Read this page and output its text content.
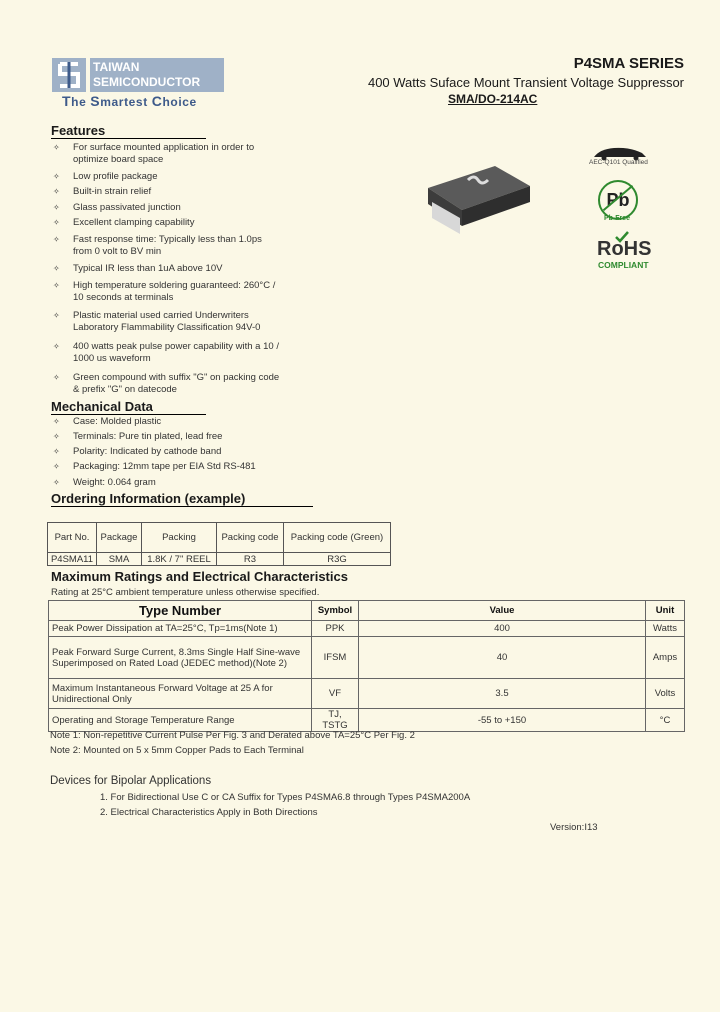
TAIWAN
SEMICONDUCTOR
The Smartest Choice
P4SMA SERIES
400 Watts Suface Mount Transient Voltage Suppressor
SMA/DO-214AC
AEC-Q101 Qualified
Pb
Pb-Free
RoHS
COMPLIANT
Features
✧ For surface mounted application in order to optimize board space
✧ Low profile package
✧ Built-in strain relief
✧ Glass passivated junction
✧ Excellent clamping capability
✧ Fast response time: Typically less than 1.0ps from 0 volt to BV min
✧ Typical IR less than 1uA above 10V
✧ High temperature soldering guaranteed: 260°C / 10 seconds at terminals
✧ Plastic material used carried Underwriters Laboratory Flammability Classification 94V-0
✧ 400 watts peak pulse power capability with a 10 / 1000 us waveform
✧ Green compound with suffix "G" on packing code & prefix "G" on datecode
Mechanical Data
✧ Case: Molded plastic
✧ Terminals: Pure tin plated, lead free
✧ Polarity: Indicated by cathode band
✧ Packaging: 12mm tape per EIA Std RS-481
✧ Weight: 0.064 gram
Ordering Information (example)
Part No.	Package	Packing	Packing code	Packing code (Green)
P4SMA11	SMA	1.8K / 7" REEL	R3	R3G
Maximum Ratings and Electrical Characteristics
Rating at 25°C ambient temperature unless otherwise specified.
Type Number	Symbol	Value	Unit
Peak Power Dissipation at TA=25°C, Tp=1ms(Note 1)	PPK	400	Watts
Peak Forward Surge Current, 8.3ms Single Half Sine-wave Superimposed on Rated Load (JEDEC method)(Note 2)	IFSM	40	Amps
Maximum Instantaneous Forward Voltage at 25 A for Unidirectional Only	VF	3.5	Volts
Operating and Storage Temperature Range	TJ, TSTG	-55 to +150	°C
Note 1: Non-repetitive Current Pulse Per Fig. 3 and Derated above TA=25°C Per Fig. 2
Note 2: Mounted on 5 x 5mm Copper Pads to Each Terminal
Devices for Bipolar Applications
1. For Bidirectional Use C or CA Suffix for Types P4SMA6.8 through Types P4SMA200A
2. Electrical Characteristics Apply in Both Directions
Version:I13
